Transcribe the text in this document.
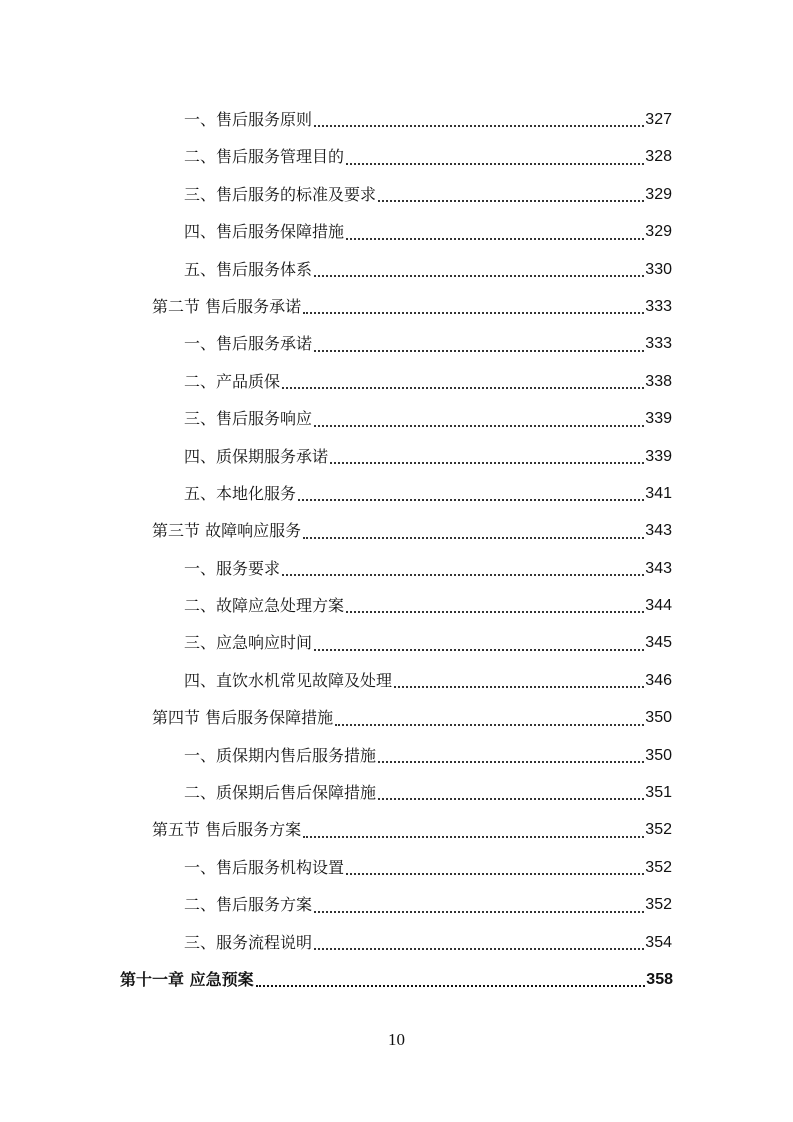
一、售后服务原则	327
二、售后服务管理目的	328
三、售后服务的标准及要求	329
四、售后服务保障措施	329
五、售后服务体系	330
第二节 售后服务承诺	333
一、售后服务承诺	333
二、产品质保	338
三、售后服务响应	339
四、质保期服务承诺	339
五、本地化服务	341
第三节 故障响应服务	343
一、服务要求	343
二、故障应急处理方案	344
三、应急响应时间	345
四、直饮水机常见故障及处理	346
第四节 售后服务保障措施	350
一、质保期内售后服务措施	350
二、质保期后售后保障措施	351
第五节 售后服务方案	352
一、售后服务机构设置	352
二、售后服务方案	352
三、服务流程说明	354
第十一章 应急预案	358
10
